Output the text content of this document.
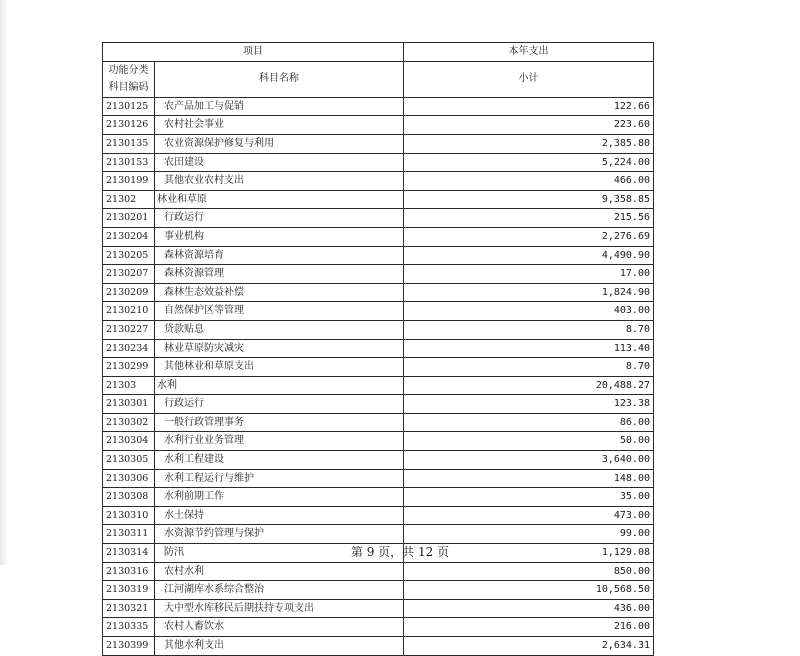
项目		本年支出
功能分类科目编码	科目名称	小计
2130125	农产品加工与促销	122.66
2130126	农村社会事业	223.60
2130135	农业资源保护修复与利用	2,385.80
2130153	农田建设	5,224.00
2130199	其他农业农村支出	466.00
21302	林业和草原	9,358.85
2130201	行政运行	215.56
2130204	事业机构	2,276.69
2130205	森林资源培育	4,490.90
2130207	森林资源管理	17.00
2130209	森林生态效益补偿	1,824.90
2130210	自然保护区等管理	403.00
2130227	贷款贴息	8.70
2130234	林业草原防灾减灾	113.40
2130299	其他林业和草原支出	8.70
21303	水利	20,488.27
2130301	行政运行	123.38
2130302	一般行政管理事务	86.00
2130304	水利行业业务管理	50.00
2130305	水利工程建设	3,640.00
2130306	水利工程运行与维护	148.00
2130308	水利前期工作	35.00
2130310	水土保持	473.00
2130311	水资源节约管理与保护	99.00
2130314	防汛	1,129.08
2130316	农村水利	850.00
2130319	江河湖库水系综合整治	10,568.50
2130321	大中型水库移民后期扶持专项支出	436.00
2130335	农村人畜饮水	216.00
2130399	其他水利支出	2,634.31
第 9 页，共 12 页
